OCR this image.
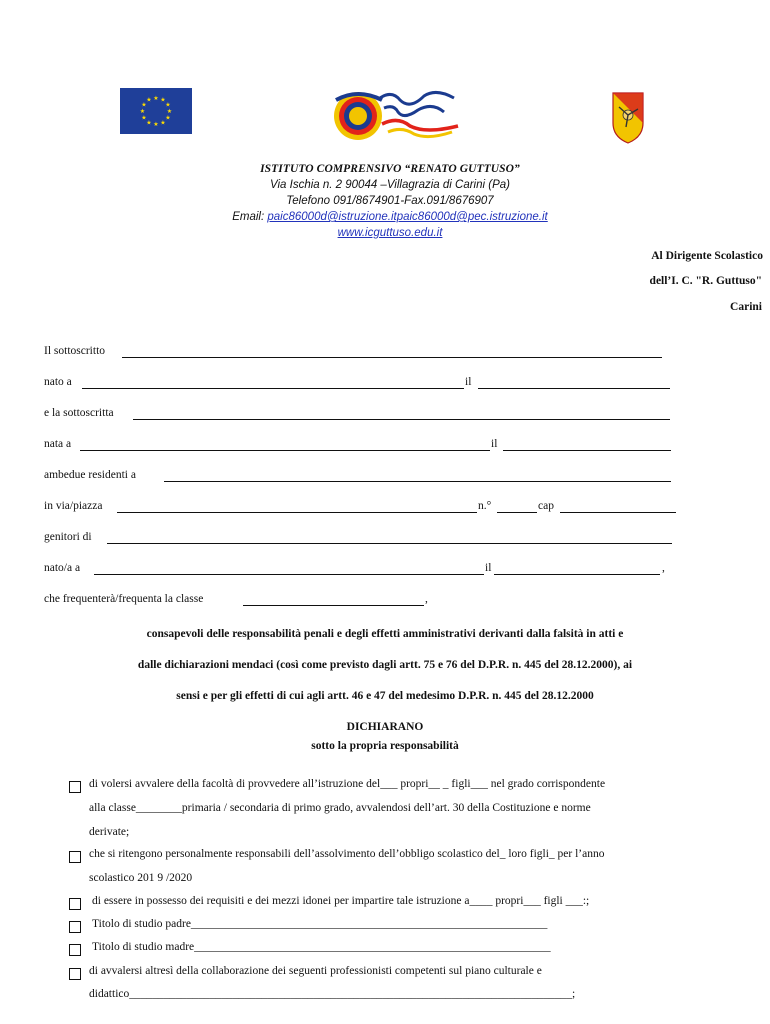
★ ★
★
★
★
★
★
★
★
★
★
★
ISTITUTO COMPRENSIVO “RENATO GUTTUSO”
Via Ischia n. 2 90044 –Villagrazia di Carini (Pa)
Telefono 091/8674901-Fax.091/8676907
Email: paic86000d@istruzione.itpaic86000d@pec.istruzione.it
www.icguttuso.edu.it
Al Dirigente Scolastico
dell’I. C. "R. Guttuso"
Carini
Il sottoscritto
nato a	il
e la sottoscritta
nata a	il
ambedue residenti a
in via/piazza	n.°	cap
genitori di
nato/a a	il	,
che frequenterà/frequenta la classe	,
consapevoli delle responsabilità penali e degli effetti amministrativi derivanti dalla falsità in atti e
dalle dichiarazioni mendaci (così come previsto dagli artt. 75 e 76 del D.P.R. n. 445 del 28.12.2000), ai
sensi e per gli effetti di cui agli artt. 46 e 47 del medesimo D.P.R. n. 445 del 28.12.2000
DICHIARANO
sotto la propria responsabilità
di volersi avvalere della facoltà di provvedere all’istruzione del___ propri__ _ figli___ nel grado corrispondente
alla classe________primaria / secondaria di primo grado, avvalendosi dell’art. 30 della Costituzione e norme
derivate;
che si ritengono personalmente responsabili dell’assolvimento dell’obbligo scolastico del_ loro figli_ per l’anno
scolastico 201 9 /2020
di essere in possesso dei requisiti e dei mezzi idonei per impartire tale istruzione a____ propri___ figli ___:;
Titolo di studio padre______________________________________________________________
Titolo di studio madre______________________________________________________________
di avvalersi altresì della collaborazione dei seguenti professionisti competenti sul piano culturale e
didattico_____________________________________________________________________________;
